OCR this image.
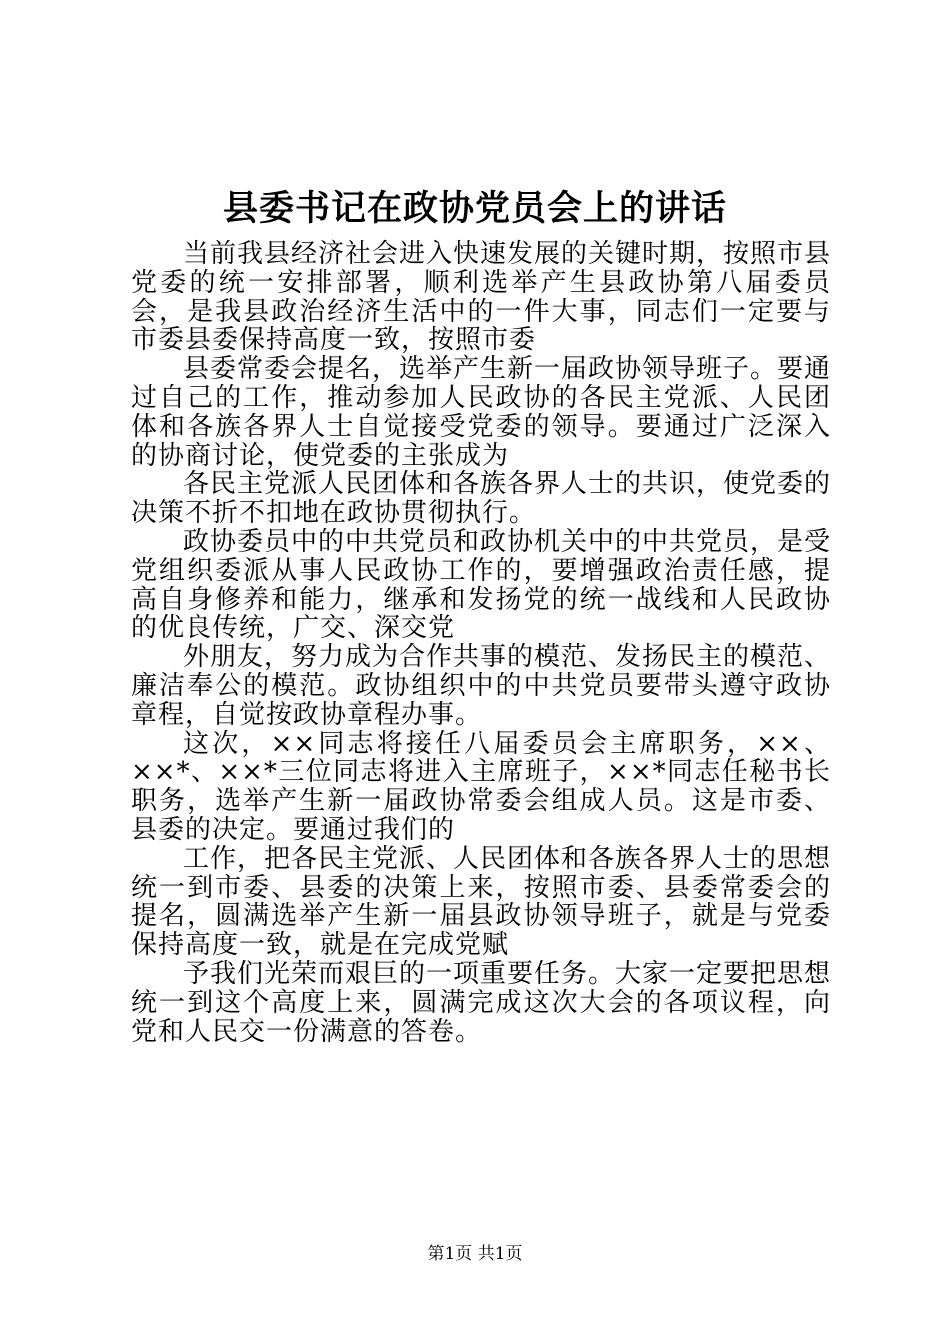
县委书记在政协党员会上的讲话

当前我县经济社会进入快速发展的关键时期，按照市县党委的统一安排部署，顺利选举产生县政协第八届委员会，是我县政治经济生活中的一件大事，同志们一定要与市委县委保持高度一致，按照市委

县委常委会提名，选举产生新一届政协领导班子。要通过自己的工作，推动参加人民政协的各民主党派、人民团体和各族各界人士自觉接受党委的领导。要通过广泛深入的协商讨论，使党委的主张成为

各民主党派人民团体和各族各界人士的共识，使党委的决策不折不扣地在政协贯彻执行。

政协委员中的中共党员和政协机关中的中共党员，是受党组织委派从事人民政协工作的，要增强政治责任感，提高自身修养和能力，继承和发扬党的统一战线和人民政协的优良传统，广交、深交党

外朋友，努力成为合作共事的模范、发扬民主的模范、廉洁奉公的模范。政协组织中的中共党员要带头遵守政协章程，自觉按政协章程办事。

这次，××同志将接任八届委员会主席职务，××、××*、××*三位同志将进入主席班子，××*同志任秘书长职务，选举产生新一届政协常委会组成人员。这是市委、县委的决定。要通过我们的

工作，把各民主党派、人民团体和各族各界人士的思想统一到市委、县委的决策上来，按照市委、县委常委会的提名，圆满选举产生新一届县政协领导班子，就是与党委保持高度一致，就是在完成党赋

予我们光荣而艰巨的一项重要任务。大家一定要把思想统一到这个高度上来，圆满完成这次大会的各项议程，向党和人民交一份满意的答卷。

第1页 共1页
